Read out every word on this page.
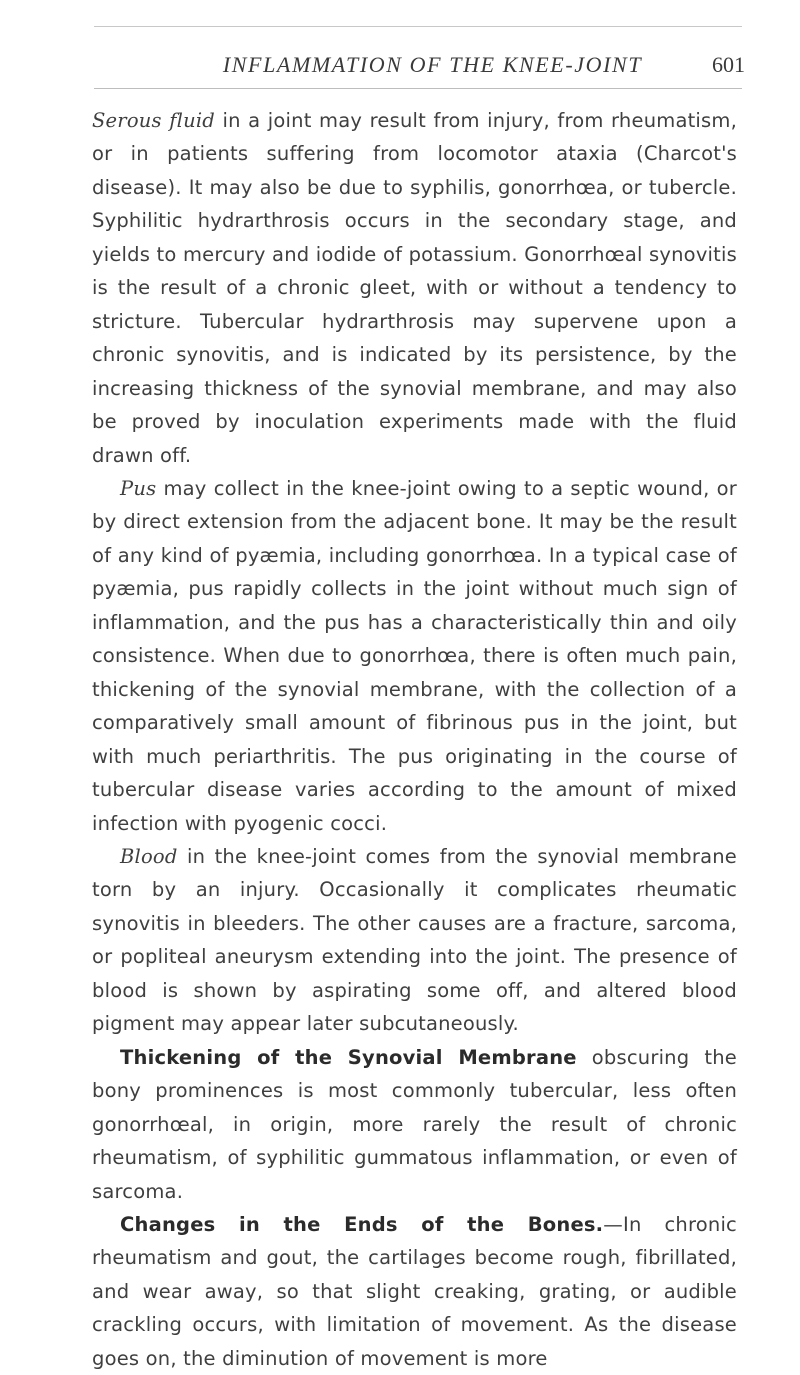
INFLAMMATION OF THE KNEE-JOINT	601

Serous fluid in a joint may result from injury, from rheumatism, or in patients suffering from locomotor ataxia (Charcot's disease). It may also be due to syphilis, gonorrhœa, or tubercle. Syphilitic hydrarthrosis occurs in the secondary stage, and yields to mercury and iodide of potassium. Gonorrhœal synovitis is the result of a chronic gleet, with or without a tendency to stricture. Tubercular hydrarthrosis may supervene upon a chronic synovitis, and is indicated by its persistence, by the increasing thickness of the synovial membrane, and may also be proved by inoculation experiments made with the fluid drawn off.

Pus may collect in the knee-joint owing to a septic wound, or by direct extension from the adjacent bone. It may be the result of any kind of pyæmia, including gonorrhœa. In a typical case of pyæmia, pus rapidly collects in the joint without much sign of inflammation, and the pus has a characteristically thin and oily consistence. When due to gonorrhœa, there is often much pain, thickening of the synovial membrane, with the collection of a comparatively small amount of fibrinous pus in the joint, but with much periarthritis. The pus originating in the course of tubercular disease varies according to the amount of mixed infection with pyogenic cocci.

Blood in the knee-joint comes from the synovial membrane torn by an injury. Occasionally it complicates rheumatic synovitis in bleeders. The other causes are a fracture, sarcoma, or popliteal aneurysm extending into the joint. The presence of blood is shown by aspirating some off, and altered blood pigment may appear later subcutaneously.

Thickening of the Synovial Membrane obscuring the bony prominences is most commonly tubercular, less often gonorrhœal, in origin, more rarely the result of chronic rheumatism, of syphilitic gummatous inflammation, or even of sarcoma.

Changes in the Ends of the Bones.—In chronic rheumatism and gout, the cartilages become rough, fibrillated, and wear away, so that slight creaking, grating, or audible crackling occurs, with limitation of movement. As the disease goes on, the diminution of movement is more
